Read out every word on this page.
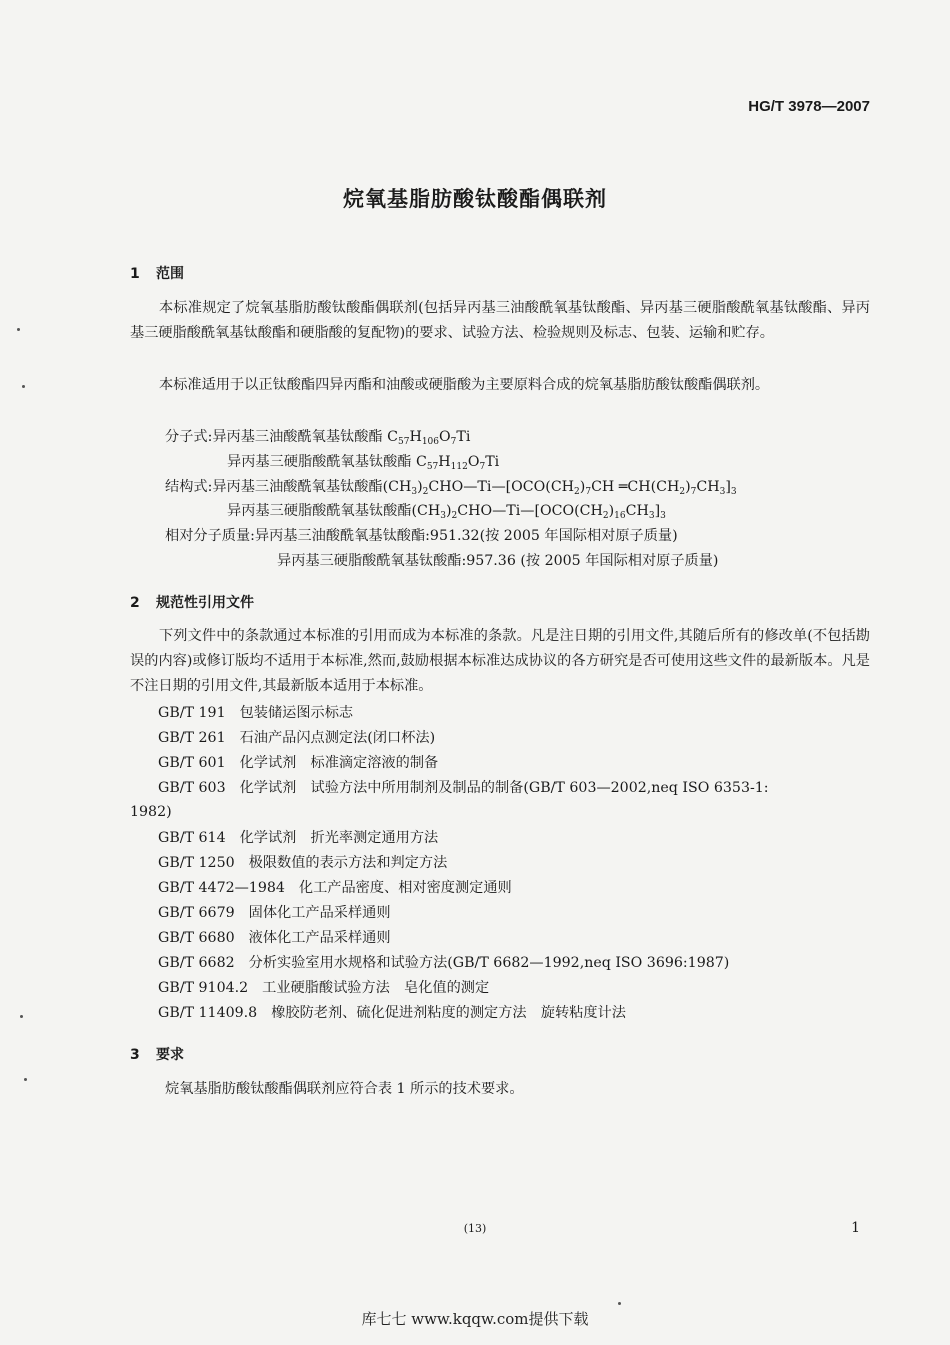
HG/T 3978—2007
烷氧基脂肪酸钛酸酯偶联剂
1 范围
本标准规定了烷氧基脂肪酸钛酸酯偶联剂(包括异丙基三油酸酰氧基钛酸酯、异丙基三硬脂酸酰氧基钛酸酯、异丙基三硬脂酸酰氧基钛酸酯和硬脂酸的复配物)的要求、试验方法、检验规则及标志、包装、运输和贮存。
本标准适用于以正钛酸酯四异丙酯和油酸或硬脂酸为主要原料合成的烷氧基脂肪酸钛酸酯偶联剂。
分子式:异丙基三油酸酰氧基钛酸酯 $C_{57}H_{106}O_7Ti$
异丙基三硬脂酸酰氧基钛酸酯 $C_{57}H_{112}O_7Ti$
结构式:异丙基三油酸酰氧基钛酸酯$(CH_3)_2CHO—Ti—[OCO(CH_2)_7CH$ $═CH(CH_2)_7CH_3]_3$
异丙基三硬脂酸酰氧基钛酸酯$(CH_3)_2CHO—Ti—[OCO(CH_2)_{16}CH_3]_3$
相对分子质量:异丙基三油酸酰氧基钛酸酯:951.32(按 2005 年国际相对原子质量)
异丙基三硬脂酸酰氧基钛酸酯:957.36 (按 2005 年国际相对原子质量)
2 规范性引用文件
下列文件中的条款通过本标准的引用而成为本标准的条款。凡是注日期的引用文件,其随后所有的修改单(不包括勘误的内容)或修订版均不适用于本标准,然而,鼓励根据本标准达成协议的各方研究是否可使用这些文件的最新版本。凡是不注日期的引用文件,其最新版本适用于本标准。
GB/T 191 包装储运图示标志
GB/T 261 石油产品闪点测定法(闭口杯法)
GB/T 601 化学试剂　标准滴定溶液的制备
GB/T 603 化学试剂　试验方法中所用制剂及制品的制备(GB/T 603—2002,neq ISO 6353-1:
1982)
GB/T 614 化学试剂　折光率测定通用方法
GB/T 1250 极限数值的表示方法和判定方法
GB/T 4472—1984 化工产品密度、相对密度测定通则
GB/T 6679 固体化工产品采样通则
GB/T 6680 液体化工产品采样通则
GB/T 6682 分析实验室用水规格和试验方法(GB/T 6682—1992,neq ISO 3696:1987)
GB/T 9104.2 工业硬脂酸试验方法　皂化值的测定
GB/T 11409.8 橡胶防老剂、硫化促进剂粘度的测定方法　旋转粘度计法
3 要求
烷氧基脂肪酸钛酸酯偶联剂应符合表 1 所示的技术要求。
(13)	1
库七七 www.kqqw.com提供下载
